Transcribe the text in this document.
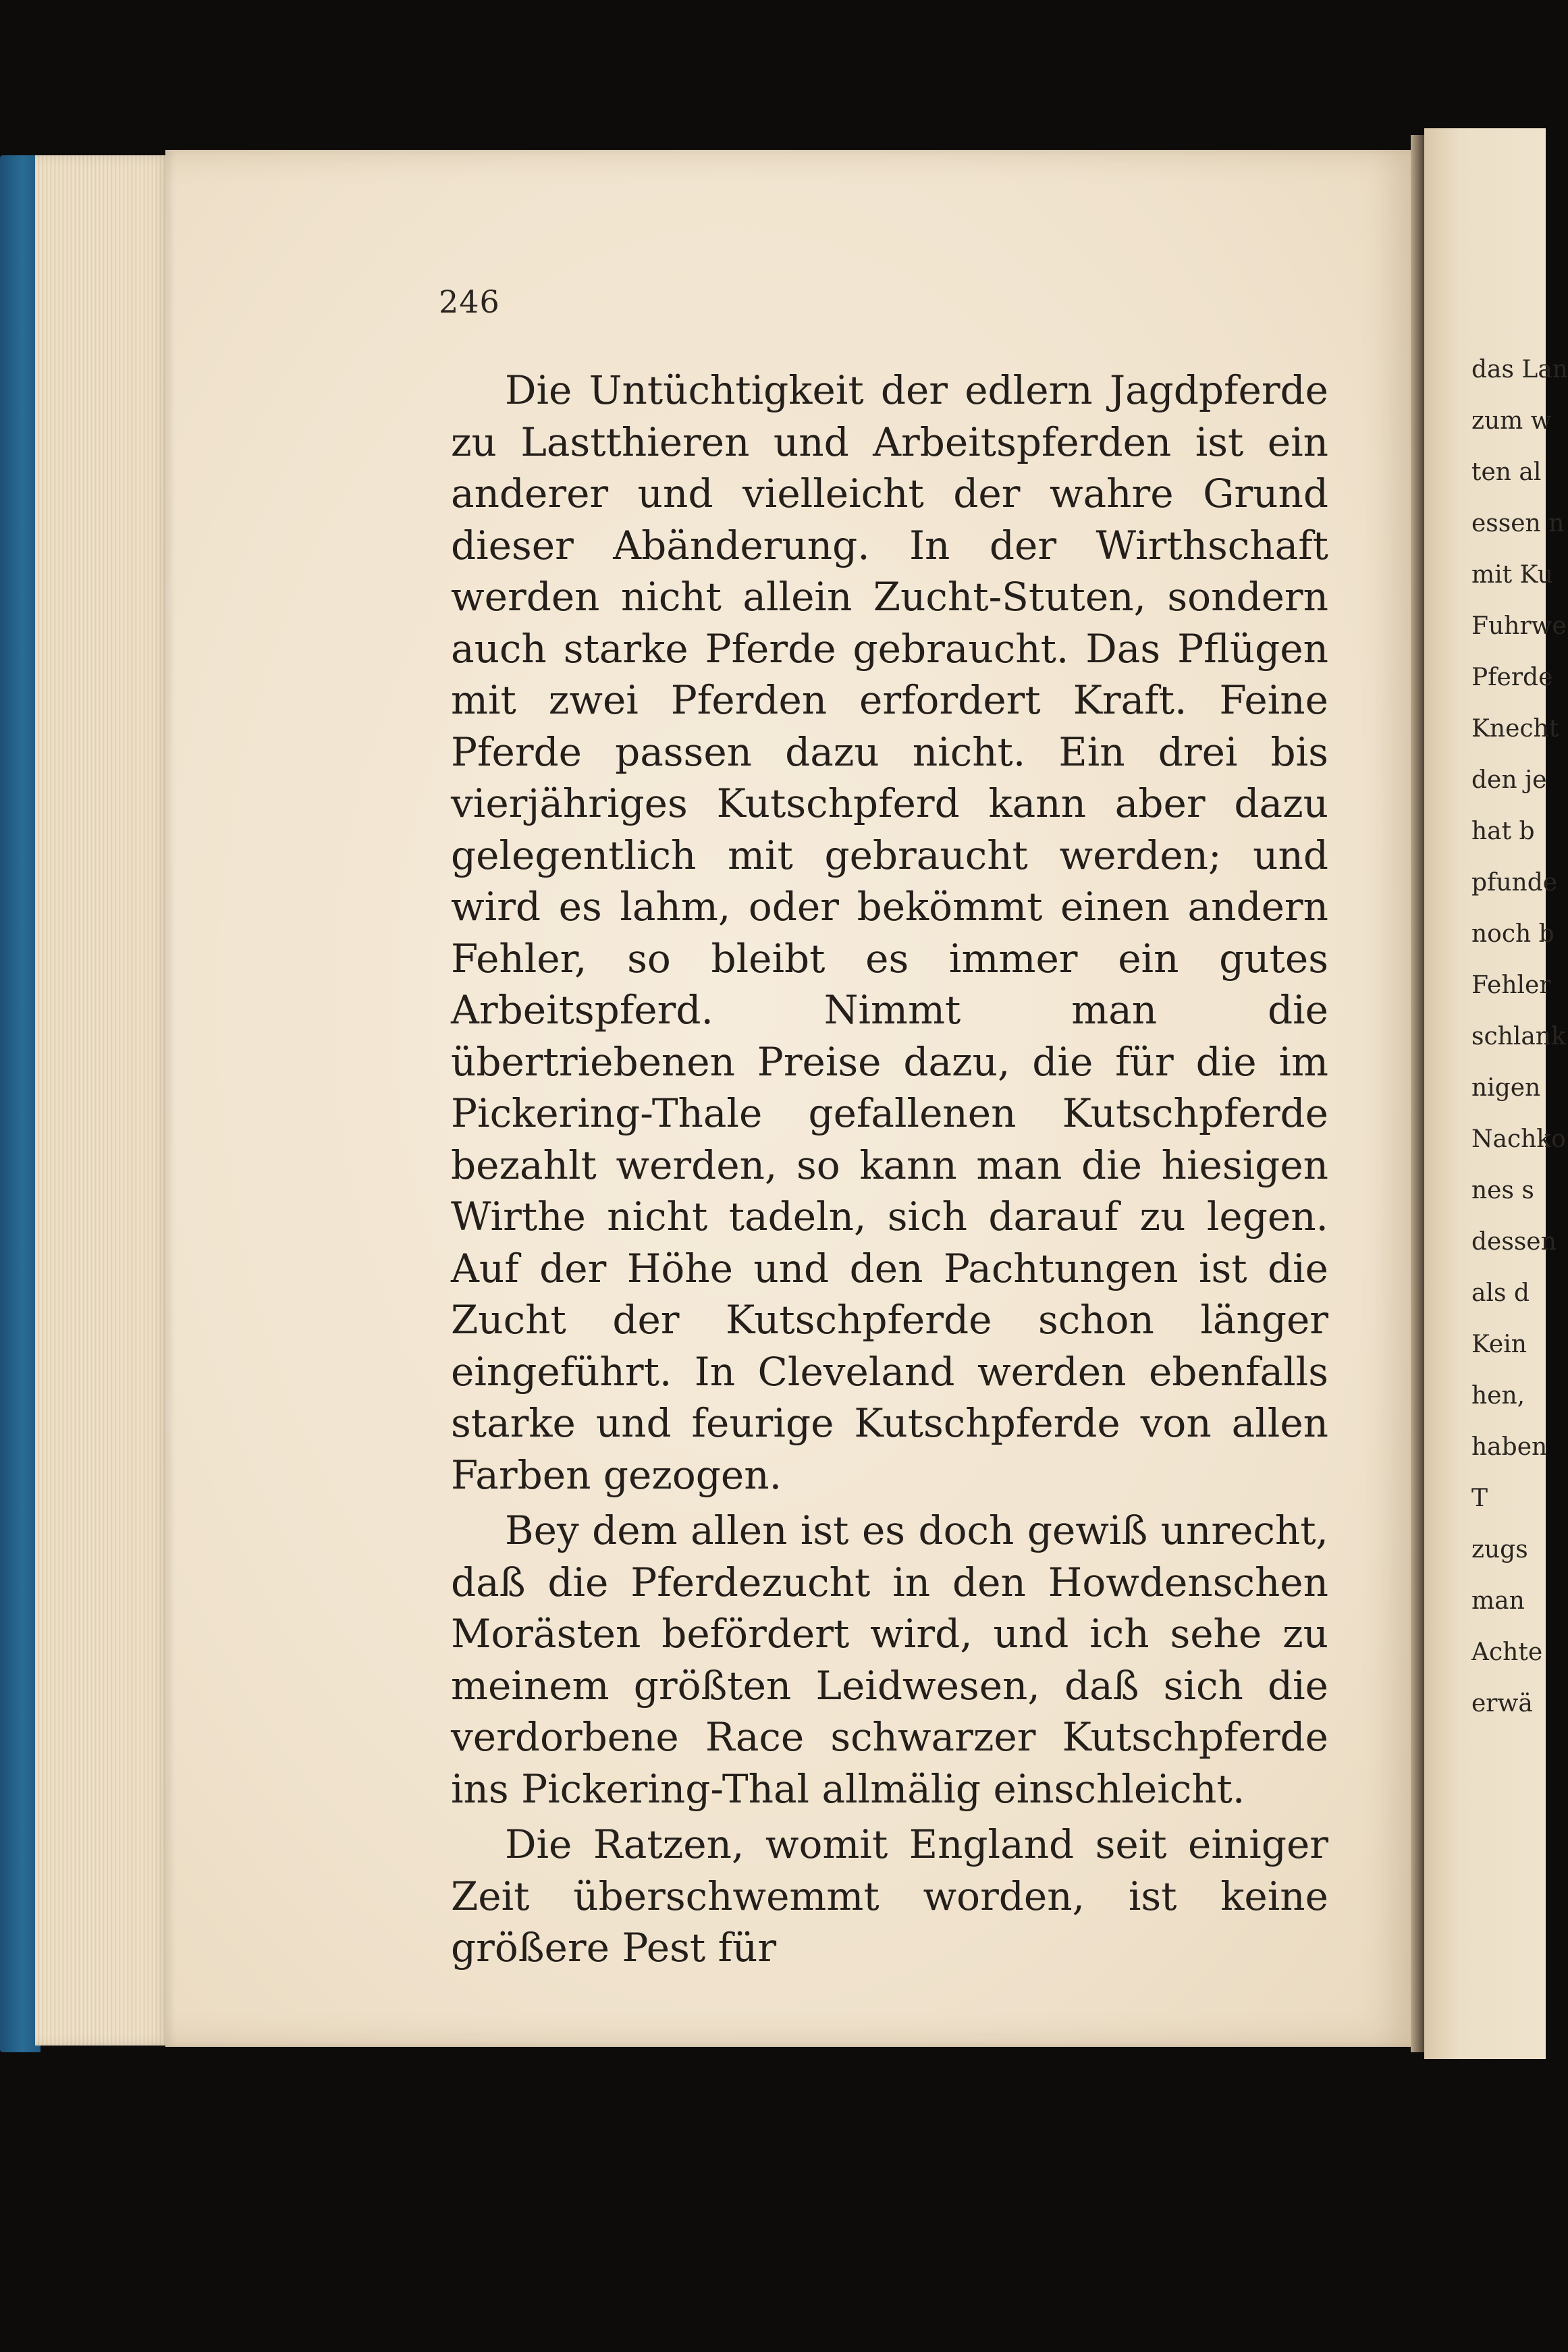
246

Die Untüchtigkeit der edlern Jagdpferde zu Lastthieren und Arbeitspferden ist ein anderer und vielleicht der wahre Grund dieser Abänderung. In der Wirthschaft werden nicht allein Zucht-Stuten, sondern auch starke Pferde gebraucht. Das Pflügen mit zwei Pferden erfordert Kraft. Feine Pferde passen dazu nicht. Ein drei bis vierjähriges Kutschpferd kann aber dazu gelegentlich mit gebraucht werden; und wird es lahm, oder bekömmt einen andern Fehler, so bleibt es immer ein gutes Arbeitspferd. Nimmt man die übertriebenen Preise dazu, die für die im Pickering-Thale gefallenen Kutschpferde bezahlt werden, so kann man die hiesigen Wirthe nicht tadeln, sich darauf zu legen. Auf der Höhe und den Pachtungen ist die Zucht der Kutschpferde schon länger eingeführt. In Cleveland werden ebenfalls starke und feurige Kutschpferde von allen Farben gezogen.

Bey dem allen ist es doch gewiß unrecht, daß die Pferdezucht in den Howdenschen Morästen befördert wird, und ich sehe zu meinem größten Leidwesen, daß sich die verdorbene Race schwarzer Kutschpferde ins Pickering-Thal allmälig einschleicht.

Die Ratzen, womit England seit einiger Zeit überschwemmt worden, ist keine größere Pest für

das Lan
zum w
ten al
essen n
mit Ku
Fuhrwe
Pferde
Knecht
den je
hat b
pfunde
noch b
Fehler
schlank
nigen
Nachko
nes s
dessen
als d
Kein
hen,
haben
T
zugs
man
Achte
erwä
